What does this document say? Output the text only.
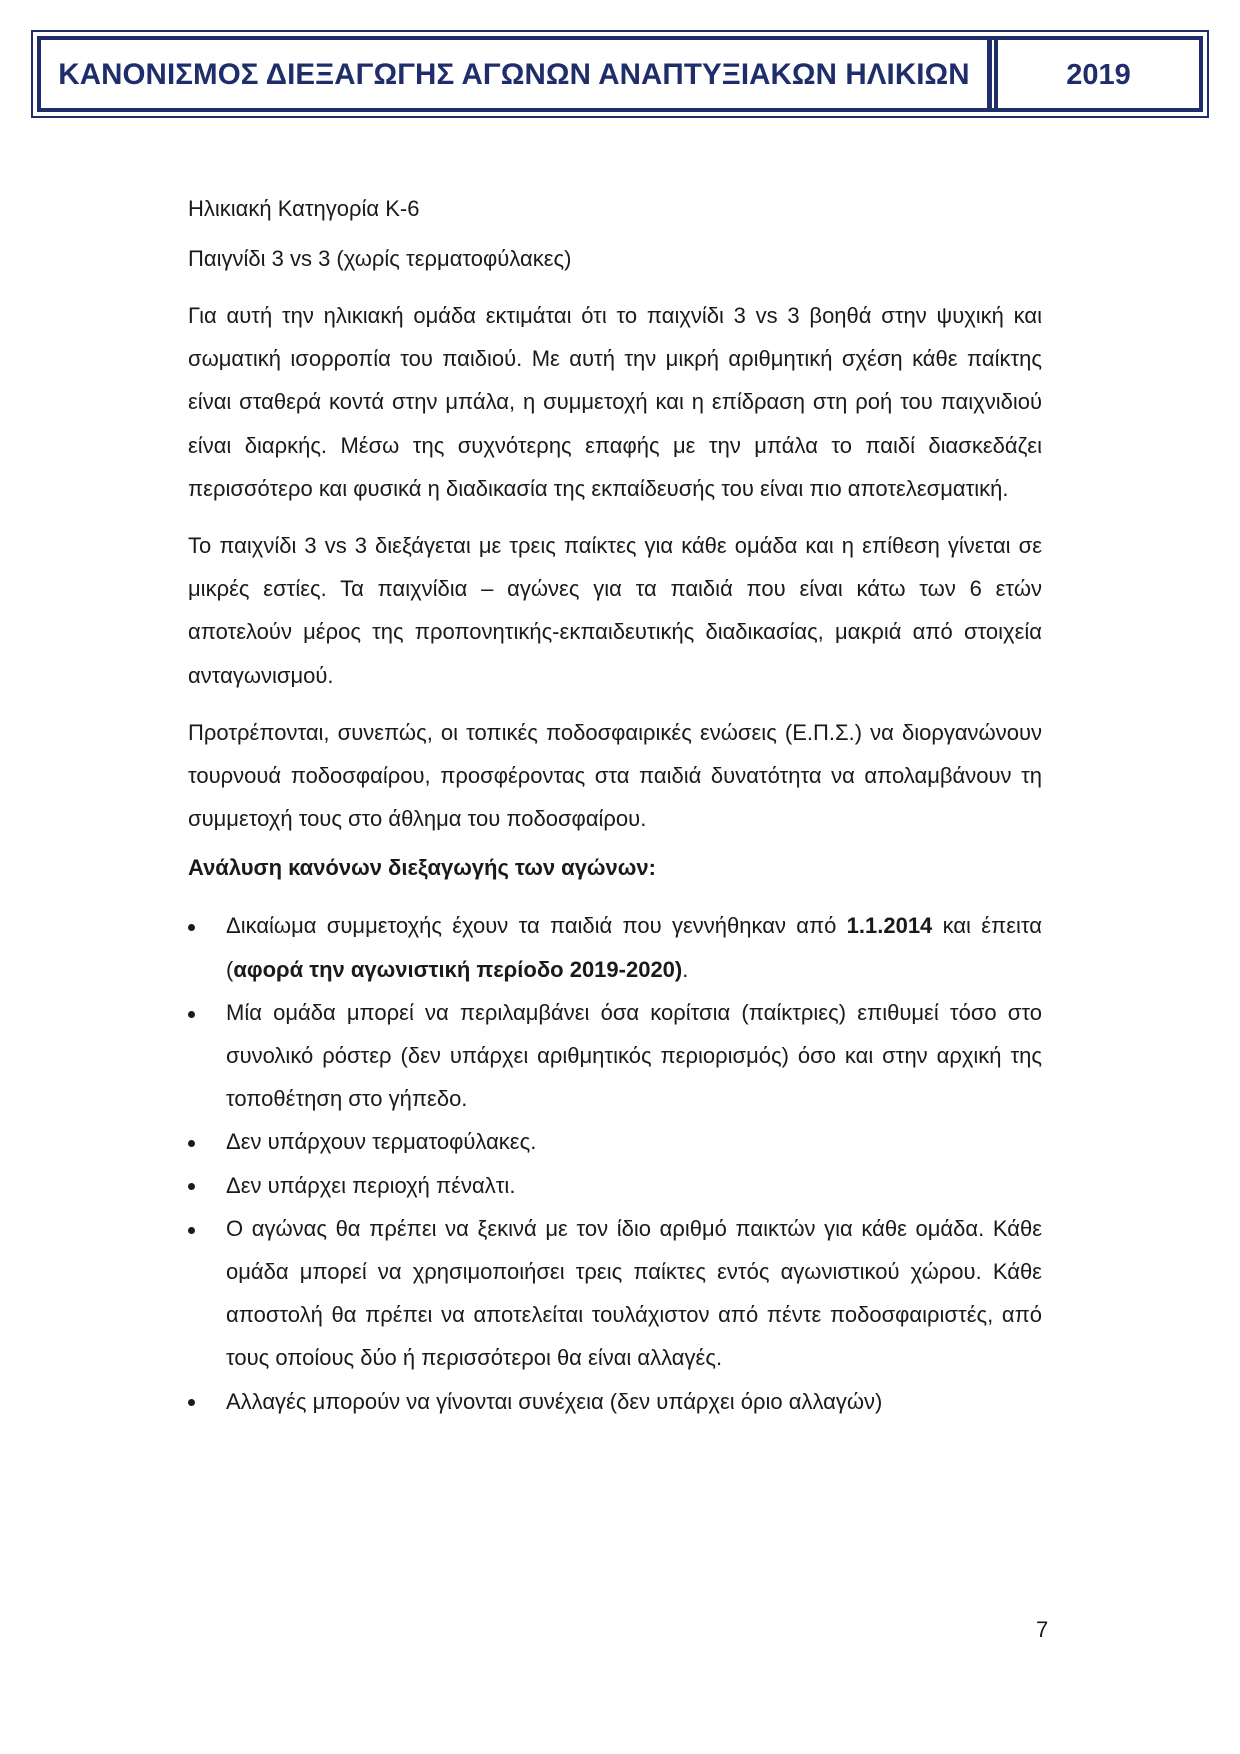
ΚΑΝΟΝΙΣΜΟΣ ΔΙΕΞΑΓΩΓΗΣ ΑΓΩΝΩΝ ΑΝΑΠΤΥΞΙΑΚΩΝ ΗΛΙΚΙΩΝ	2019

Ηλικιακή Κατηγορία Κ-6

Παιγνίδι 3 vs 3 (χωρίς τερματοφύλακες)

Για αυτή την ηλικιακή ομάδα εκτιμάται ότι το παιχνίδι 3 vs 3 βοηθά στην ψυχική και σωματική ισορροπία του παιδιού. Με αυτή την μικρή αριθμητική σχέση κάθε παίκτης είναι σταθερά κοντά στην μπάλα, η συμμετοχή και η επίδραση στη ροή του παιχνιδιού είναι διαρκής. Μέσω της συχνότερης επαφής με την μπάλα το παιδί διασκεδάζει περισσότερο και φυσικά η διαδικασία της εκπαίδευσής του είναι πιο αποτελεσματική.

Το παιχνίδι 3 vs 3 διεξάγεται με τρεις παίκτες για κάθε ομάδα και η επίθεση γίνεται σε μικρές εστίες. Τα παιχνίδια – αγώνες για τα παιδιά που είναι κάτω των 6 ετών αποτελούν μέρος της προπονητικής-εκπαιδευτικής διαδικασίας, μακριά από στοιχεία ανταγωνισμού.

Προτρέπονται, συνεπώς, οι τοπικές ποδοσφαιρικές ενώσεις (Ε.Π.Σ.) να διοργανώνουν τουρνουά ποδοσφαίρου, προσφέροντας στα παιδιά δυνατότητα να απολαμβάνουν τη συμμετοχή τους στο άθλημα του ποδοσφαίρου.

Ανάλυση κανόνων διεξαγωγής των αγώνων:

Δικαίωμα συμμετοχής έχουν τα παιδιά που γεννήθηκαν από 1.1.2014 και έπειτα (αφορά την αγωνιστική περίοδο 2019-2020).
Μία ομάδα μπορεί να περιλαμβάνει όσα κορίτσια (παίκτριες) επιθυμεί τόσο στο συνολικό ρόστερ (δεν υπάρχει αριθμητικός περιορισμός) όσο και στην αρχική της τοποθέτηση στο γήπεδο.
Δεν υπάρχουν τερματοφύλακες.
Δεν υπάρχει περιοχή πέναλτι.
Ο αγώνας θα πρέπει να ξεκινά με τον ίδιο αριθμό παικτών για κάθε ομάδα. Κάθε ομάδα μπορεί να χρησιμοποιήσει τρεις παίκτες εντός αγωνιστικού χώρου. Κάθε αποστολή θα πρέπει να αποτελείται τουλάχιστον από πέντε ποδοσφαιριστές, από τους οποίους δύο ή περισσότεροι θα είναι αλλαγές.
Αλλαγές μπορούν να γίνονται συνέχεια (δεν υπάρχει όριο αλλαγών)
7
